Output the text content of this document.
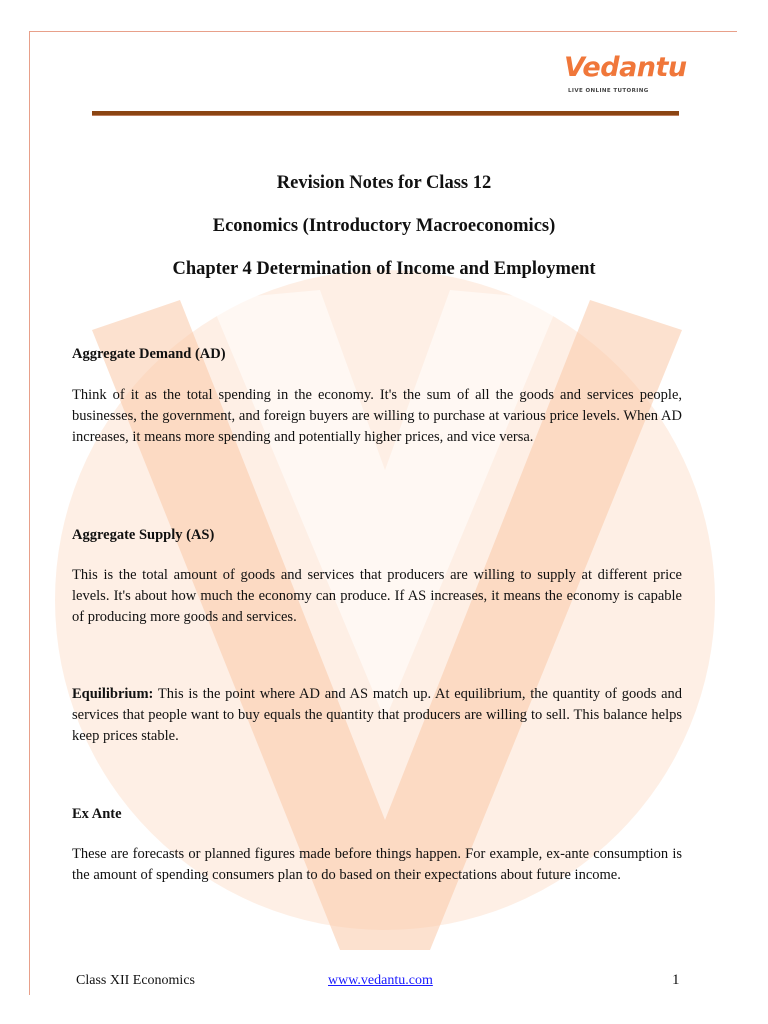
Vedantu
LIVE ONLINE TUTORING
Revision Notes for Class 12
Economics (Introductory Macroeconomics)
Chapter 4 Determination of Income and Employment
Aggregate Demand (AD)

Think of it as the total spending in the economy. It's the sum of all the goods and services people, businesses, the government, and foreign buyers are willing to purchase at various price levels. When AD increases, it means more spending and potentially higher prices, and vice versa.

Aggregate Supply (AS)

This is the total amount of goods and services that producers are willing to supply at different price levels. It's about how much the economy can produce. If AS increases, it means the economy is capable of producing more goods and services.

Equilibrium: This is the point where AD and AS match up. At equilibrium, the quantity of goods and services that people want to buy equals the quantity that producers are willing to sell. This balance helps keep prices stable.

Ex Ante

These are forecasts or planned figures made before things happen. For example, ex-ante consumption is the amount of spending consumers plan to do based on their expectations about future income.

Class XII Economics	www.vedantu.com	1
